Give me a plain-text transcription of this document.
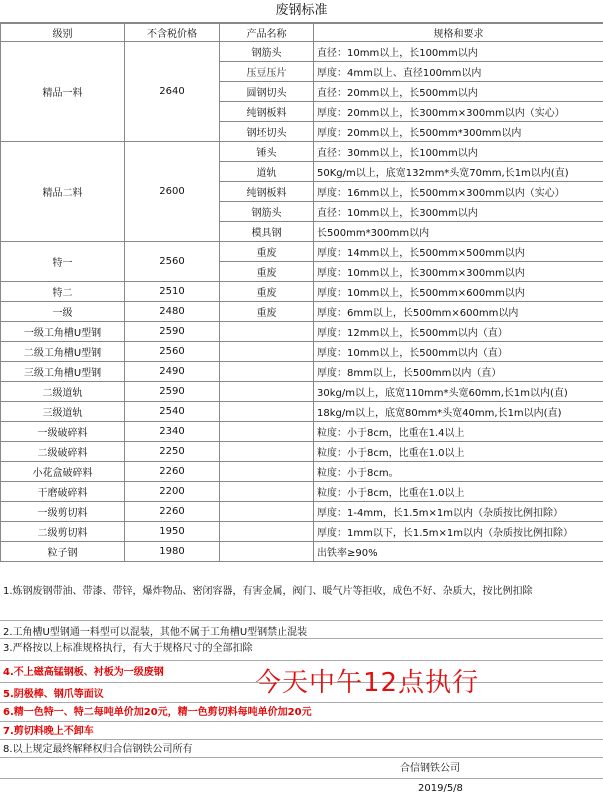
废钢标准
级别	不含税价格	产品名称	规格和要求
精品一料	2640	钢筋头	直径：10mm以上，长100mm以内
		压豆压片	厚度：4mm以上、直径100mm以内
		圆钢切头	直径：20mm以上，长500mm以内
		纯钢板料	厚度：20mm以上，长300mm×300mm以内（实心）
		钢坯切头	厚度：20mm以上，长500mm*300mm以内
精品二料	2600	锤头	直径：30mm以上，长100mm以内
		道轨	50Kg/m以上，底宽132mm*头宽70mm,长1m以内(直)
		纯钢板料	厚度：16mm以上，长500mm×300mm以内（实心）
		钢筋头	直径：10mm以上，长300mm以内
		模具钢	长500mm*300mm以内
特一	2560	重废	厚度：14mm以上，长500mm×500mm以内
		重废	厚度：10mm以上，长300mm×300mm以内
特二	2510	重废	厚度：10mm以上，长500mm×600mm以内
一级	2480	重废	厚度：6mm以上，长500mm×600mm以内
一级工角槽U型钢	2590		厚度：12mm以上，长500mm以内（直）
二级工角槽U型钢	2560		厚度：10mm以上，长500mm以内（直）
三级工角槽U型钢	2490		厚度：8mm以上，长500mm以内（直）
二级道轨	2590		30kg/m以上，底宽110mm*头宽60mm,长1m以内(直)
三级道轨	2540		18kg/m以上，底宽80mm*头宽40mm,长1m以内(直)
一级破碎料	2340		粒度：小于8cm，比重在1.4以上
二级破碎料	2250		粒度：小于8cm，比重在1.0以上
小花盒破碎料	2260		粒度：小于8cm。
干磨破碎料	2200		粒度：小于8cm，比重在1.0以上
一级剪切料	2260		厚度：1-4mm，长1.5m×1m以内（杂质按比例扣除）
二级剪切料	1950		厚度：1mm以下，长1.5m×1m以内（杂质按比例扣除）
粒子钢	1980		出铁率≥90%
1.炼钢废钢带油、带漆、带锌，爆炸物品、密闭容器，有害金属，阀门、暖气片等拒收，成色不好、杂质大，按比例扣除
2.工角槽U型钢通一料型可以混装，其他不属于工角槽U型钢禁止混装
3.严格按以上标准规格执行，有大于规格尺寸的全部扣除
4.不上磁高锰钢板、衬板为一级废钢
5.阴极棒、钢爪等面议
6.精一色特一、特二每吨单价加20元，精一色剪切料每吨单价加20元
7.剪切料晚上不卸车
8.以上规定最终解释权归合信钢铁公司所有
今天中午12点执行
合信钢铁公司
2019/5/8
